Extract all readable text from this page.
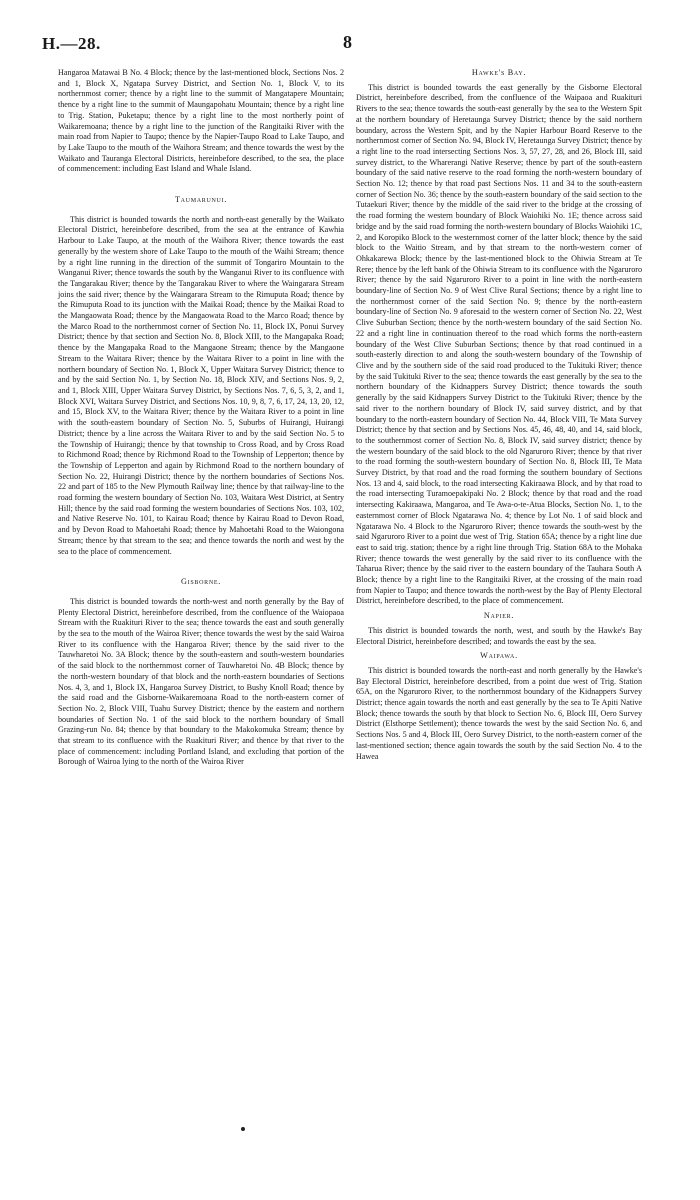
H.—28.	8

Hangaroa Matawai B No. 4 Block; thence by the last-mentioned block, Sections Nos. 2 and 1, Block X, Ngatapa Survey District, and Section No. 1, Block V, to its northernmost corner; thence by a right line to the summit of Mangatapere Mountain; thence by a right line to the summit of Maungapohatu Mountain; thence by a right line to Trig. Station, Puketapu; thence by a right line to the most northerly point of Waikaremoana; thence by a right line to the junction of the Rangitaiki River with the main road from Napier to Taupo; thence by the Napier-Taupo Road to Lake Taupo, and by Lake Taupo to the mouth of the Waihora Stream; and thence towards the west by the Waikato and Tauranga Electoral Districts, hereinbefore described, to the sea, the place of commencement: including East Island and Whale Island.

Taumarunui.

This district is bounded towards the north and north-east generally by the Waikato Electoral District, hereinbefore described, from the sea at the entrance of Kawhia Harbour to Lake Taupo, at the mouth of the Waihora River; thence towards the east generally by the western shore of Lake Taupo to the mouth of the Waihi Stream; thence by a right line running in the direction of the summit of Tongariro Mountain to the Wanganui River; thence towards the south by the Wanganui River to its confluence with the Tangarakau River; thence by the Tangarakau River to where the Waingarara Stream joins the said river; thence by the Waingarara Stream to the Rimuputa Road; thence by the Rimuputa Road to its junction with the Maikai Road; thence by the Maikai Road to the Mangaowata Road; thence by the Mangaowata Road to the Marco Road; thence by the Marco Road to the northernmost corner of Section No. 11, Block IX, Ponui Survey District; thence by that section and Section No. 8, Block XIII, to the Mangapaka Road; thence by the Mangapaka Road to the Mangaone Stream; thence by the Mangaone Stream to the Waitara River; thence by the Waitara River to a point in line with the northern boundary of Section No. 1, Block X, Upper Waitara Survey District; thence to and by the said Section No. 1, by Section No. 18, Block XIV, and Sections Nos. 9, 2, and 1, Block XIII, Upper Waitara Survey District, by Sections Nos. 7, 6, 5, 3, 2, and 1, Block XVI, Waitara Survey District, and Sections Nos. 10, 9, 8, 7, 6, 17, 24, 13, 20, 12, and 15, Block XV, to the Waitara River; thence by the Waitara River to a point in line with the south-eastern boundary of Section No. 5, Suburbs of Huirangi, Huirangi District; thence by a line across the Waitara River to and by the said Section No. 5 to the Township of Huirangi; thence by that township to Cross Road, and by Cross Road to Richmond Road; thence by Richmond Road to the Township of Lepperton; thence by the Township of Lepperton and again by Richmond Road to the northern boundary of Section No. 22, Huirangi District; thence by the northern boundaries of Sections Nos. 22 and part of 185 to the New Plymouth Railway line; thence by that railway-line to the road forming the western boundary of Section No. 103, Waitara West District, at Sentry Hill; thence by the said road forming the western boundaries of Sections Nos. 103, 102, and Native Reserve No. 101, to Kairau Road; thence by Kairau Road to Devon Road, and by Devon Road to Mahoetahi Road; thence by Mahoetahi Road to the Waiongona Stream; thence by that stream to the sea; and thence towards the north and west by the sea to the place of commencement.

Gisborne.

This district is bounded towards the north-west and north generally by the Bay of Plenty Electoral District, hereinbefore described, from the confluence of the Waiopaoa Stream with the Ruakituri River to the sea; thence towards the east and south generally by the sea to the mouth of the Wairoa River; thence towards the west by the said Wairoa River to its confluence with the Hangaroa River; thence by the said river to the Tauwharetoi No. 3A Block; thence by the south-eastern and south-western boundaries of the said block to the northernmost corner of Tauwharetoi No. 4B Block; thence by the north-western boundary of that block and the north-eastern boundaries of Sections Nos. 4, 3, and 1, Block IX, Hangaroa Survey District, to Bushy Knoll Road; thence by the said road and the Gisborne-Waikaremoana Road to the north-eastern corner of Section No. 2, Block VIII, Tuahu Survey District; thence by the eastern and northern boundaries of Section No. 1 of the said block to the northern boundary of Small Grazing-run No. 84; thence by that boundary to the Makokomuka Stream; thence by that stream to its confluence with the Ruakituri River; and thence by that river to the place of commencement: including Portland Island, and excluding that portion of the Borough of Wairoa lying to the north of the Wairoa River

Hawke's Bay.

This district is bounded towards the east generally by the Gisborne Electoral District, hereinbefore described, from the confluence of the Waipaoa and Ruakituri Rivers to the sea; thence towards the south-east generally by the sea to the Western Spit at the northern boundary of Heretaunga Survey District; thence by the said northern boundary, across the Western Spit, and by the Napier Harbour Board Reserve to the northernmost corner of Section No. 94, Block IV, Heretaunga Survey District; thence by a right line to the road intersecting Sections Nos. 3, 57, 27, 28, and 26, Block III, said survey district, to the Wharerangi Native Reserve; thence by part of the south-eastern boundary of the said native reserve to the road forming the north-western boundary of Section No. 12; thence by that road past Sections Nos. 11 and 34 to the south-eastern corner of Section No. 36; thence by the south-eastern boundary of the said section to the Tutaekuri River; thence by the middle of the said river to the bridge at the crossing of the road forming the western boundary of Block Waiohiki No. 1E; thence across said bridge and by the said road forming the north-western boundary of Blocks Waiohiki 1C, 2, and Koropiko Block to the westernmost corner of the latter block; thence by the said block to the Waitio Stream, and by that stream to the north-western corner of Ohkakarewa Block; thence by the last-mentioned block to the Ohiwia Stream at Te Rere; thence by the left bank of the Ohiwia Stream to its confluence with the Ngaruroro River; thence by the said Ngaruroro River to a point in line with the north-eastern boundary-line of Section No. 9 of West Clive Rural Sections; thence by a right line to the northernmost corner of the said Section No. 9; thence by the north-eastern boundary-line of Section No. 9 aforesaid to the western corner of Section No. 22, West Clive Suburban Section; thence by the north-western boundary of the said Section No. 22 and a right line in continuation thereof to the road which forms the north-eastern boundary of the West Clive Suburban Sections; thence by that road continued in a south-easterly direction to and along the south-western boundary of the Township of Clive and by the southern side of the said road produced to the Tukituki River; thence by the said Tukituki River to the sea; thence towards the east generally by the sea to the northern boundary of the Kidnappers Survey District; thence towards the south generally by the said Kidnappers Survey District to the Tukituki River; thence by the said river to the northern boundary of Block IV, said survey district, and by that boundary to the north-eastern boundary of Section No. 44, Block VIII, Te Mata Survey District; thence by that section and by Sections Nos. 45, 46, 48, 40, and 14, said block, to the southernmost corner of Section No. 8, Block IV, said survey district; thence by the western boundary of the said block to the old Ngaruroro River; thence by that river to the road forming the south-western boundary of Section No. 8, Block III, Te Mata Survey District, by that road and the road forming the southern boundary of Sections Nos. 13 and 4, said block, to the road intersecting Kakiraawa Block, and by that road to the road intersecting Turamoepakipaki No. 2 Block; thence by that road and the road intersecting Kakiraawa, Mangaroa, and Te Awa-o-te-Atua Blocks, Section No. 1, to the easternmost corner of Block Ngatarawa No. 4; thence by Lot No. 1 of said block and Ngatarawa No. 4 Block to the Ngaruroro River; thence towards the south-west by the said Ngaruroro River to a point due west of Trig. Station 65A; thence by a right line due east to said trig. station; thence by a right line through Trig. Station 68A to the Mohaka River; thence towards the west generally by the said river to its confluence with the Taharua River; thence by the said river to the eastern boundary of the Tauhara South A Block; thence by a right line to the Rangitaiki River, at the crossing of the main road from Napier to Taupo; and thence towards the north-west by the Bay of Plenty Electoral District, hereinbefore described, to the place of commencement.

Napier.

This district is bounded towards the north, west, and south by the Hawke's Bay Electoral District, hereinbefore described; and towards the east by the sea.

Waipawa.

This district is bounded towards the north-east and north generally by the Hawke's Bay Electoral District, hereinbefore described, from a point due west of Trig. Station 65A, on the Ngaruroro River, to the northernmost boundary of the Kidnappers Survey District; thence again towards the north and east generally by the sea to Te Apiti Native Block; thence towards the south by that block to Section No. 6, Block III, Oero Survey District (Elsthorpe Settlement); thence towards the west by the said Section No. 6, and Sections Nos. 5 and 4, Block III, Oero Survey District, to the north-eastern corner of the last-mentioned section; thence again towards the south by the said Section No. 4 to the Hawea
